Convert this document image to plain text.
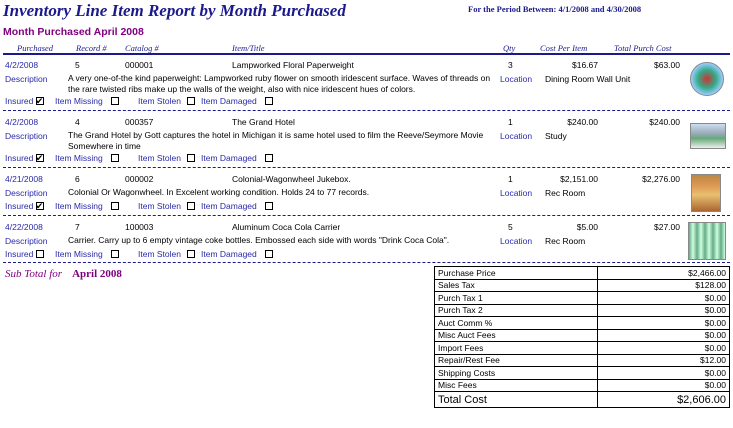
Inventory Line Item Report by Month Purchased	For the Period Between: 4/1/2008 and 4/30/2008
Month Purchased April 2008
Purchased	Record # Catalog #	Item/Title	Qty	Cost Per Item	Total Purch Cost
4/2/2008	5	000001	Lampworked Floral Paperweight	3	$16.67	$63.00
Description A very one-of-the kind paperweight: Lampworked ruby flower on smooth iridescent surface. Waves of threads on the rare twisted ribs make up the walls of the weight, also with nice iridescent hues of colors.
Location Dining Room Wall Unit
Insured ✔	Item Missing	Item Stolen	Item Damaged
4/2/2008	4	000357	The Grand Hotel	1	$240.00	$240.00
Description The Grand Hotel by Gott captures the hotel in Michigan it is same hotel used to film the Reeve/Seymore Movie Somewhere in time
Location Study
Insured ✔	Item Missing	Item Stolen	Item Damaged
4/21/2008	6	000002	Colonial-Wagonwheel Jukebox.	1	$2,151.00	$2,276.00
Description Colonial Or Wagonwheel. In Excelent working condition. Holds 24 to 77 records.	Location Rec Room
Insured ✔	Item Missing	Item Stolen	Item Damaged
4/22/2008	7	100003	Aluminum Coca Cola Carrier	5	$5.00	$27.00
Description Carrier. Carry up to 6 empty vintage coke bottles. Embossed each side with words "Drink Coca Cola".	Location Rec Room
Insured	Item Missing	Item Stolen	Item Damaged
Sub Total for April 2008	Purchase Price	$2,466.00
Sales Tax	$128.00
Purch Tax 1	$0.00
Purch Tax 2	$0.00
Auct Comm %	$0.00
Misc Auct Fees	$0.00
Import Fees	$0.00
Repair/Rest Fee	$12.00
Shipping Costs	$0.00
Misc Fees	$0.00
Total Cost	$2,606.00
